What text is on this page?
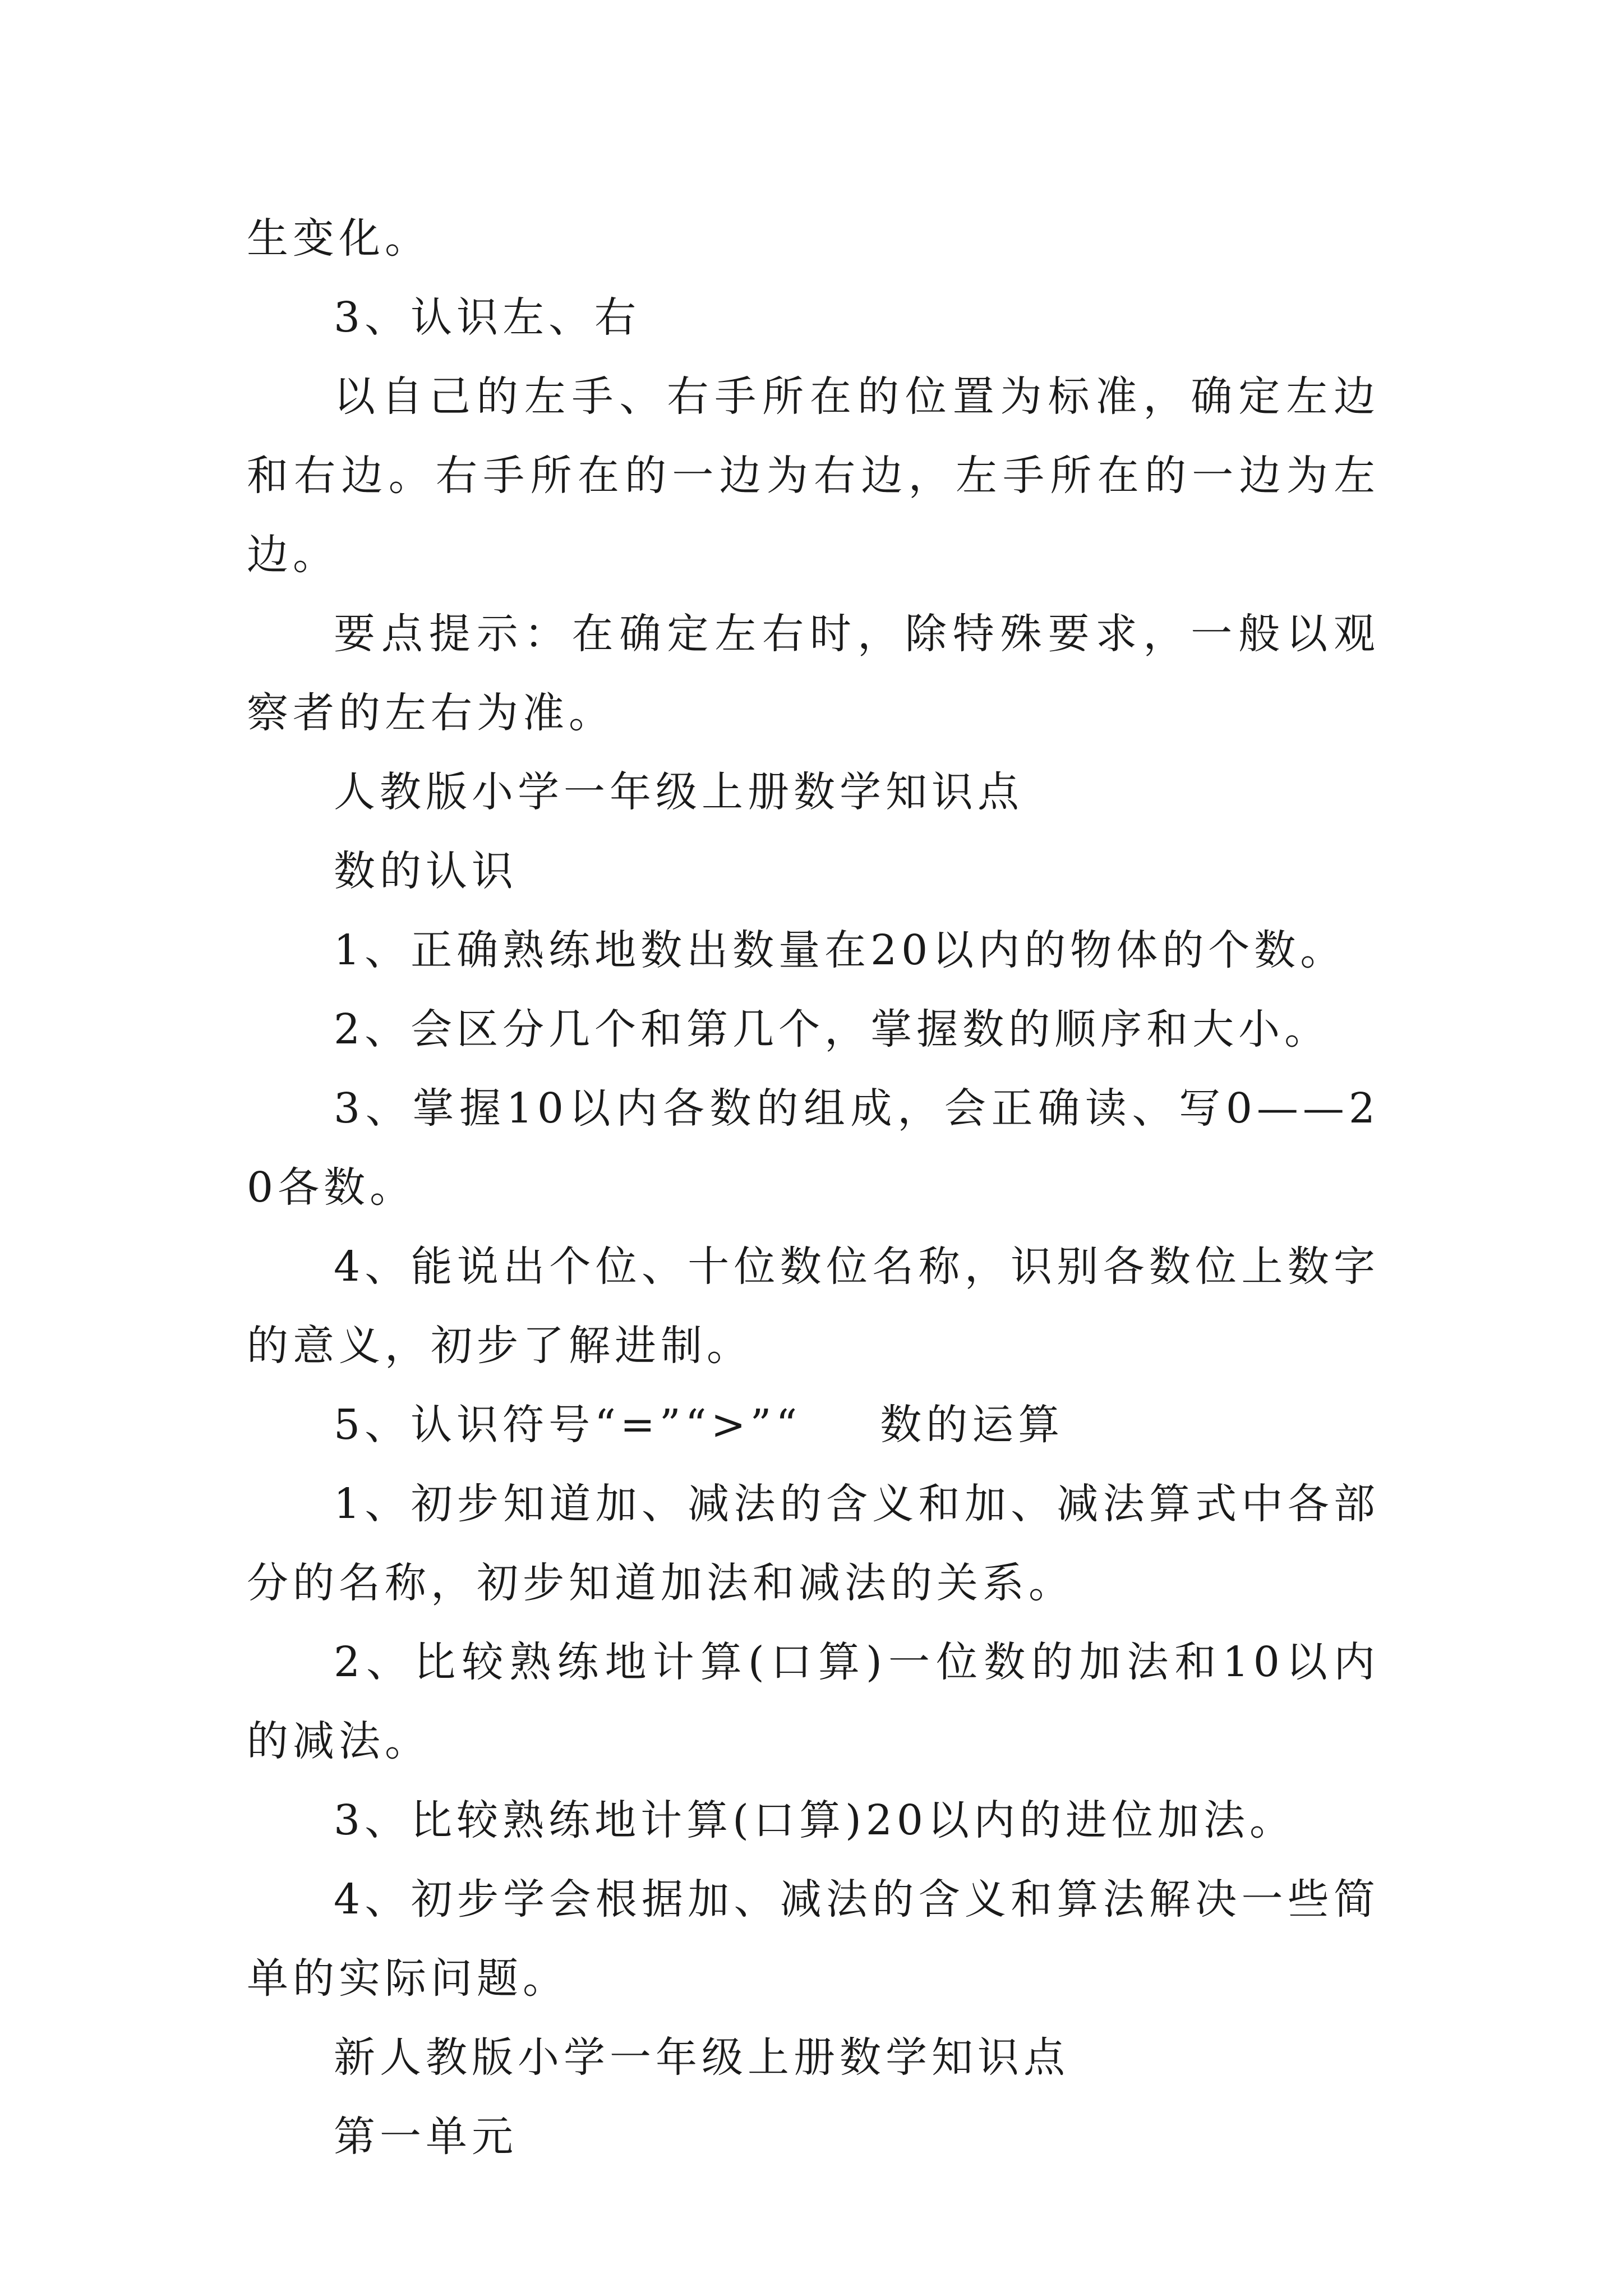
生变化。

3、认识左、右

以自己的左手、右手所在的位置为标准，确定左边和右边。右手所在的一边为右边，左手所在的一边为左边。

要点提示：在确定左右时，除特殊要求，一般以观察者的左右为准。

人教版小学一年级上册数学知识点

数的认识

1、正确熟练地数出数量在20以内的物体的个数。

2、会区分几个和第几个，掌握数的顺序和大小。

3、掌握10以内各数的组成，会正确读、写0——20各数。

4、能说出个位、十位数位名称，识别各数位上数字的意义，初步了解进制。

5、认识符号“=”“>”“ 数的运算

1、初步知道加、减法的含义和加、减法算式中各部分的名称，初步知道加法和减法的关系。

2、比较熟练地计算(口算)一位数的加法和10以内的减法。

3、比较熟练地计算(口算)20以内的进位加法。

4、初步学会根据加、减法的含义和算法解决一些简单的实际问题。

新人教版小学一年级上册数学知识点

第一单元
